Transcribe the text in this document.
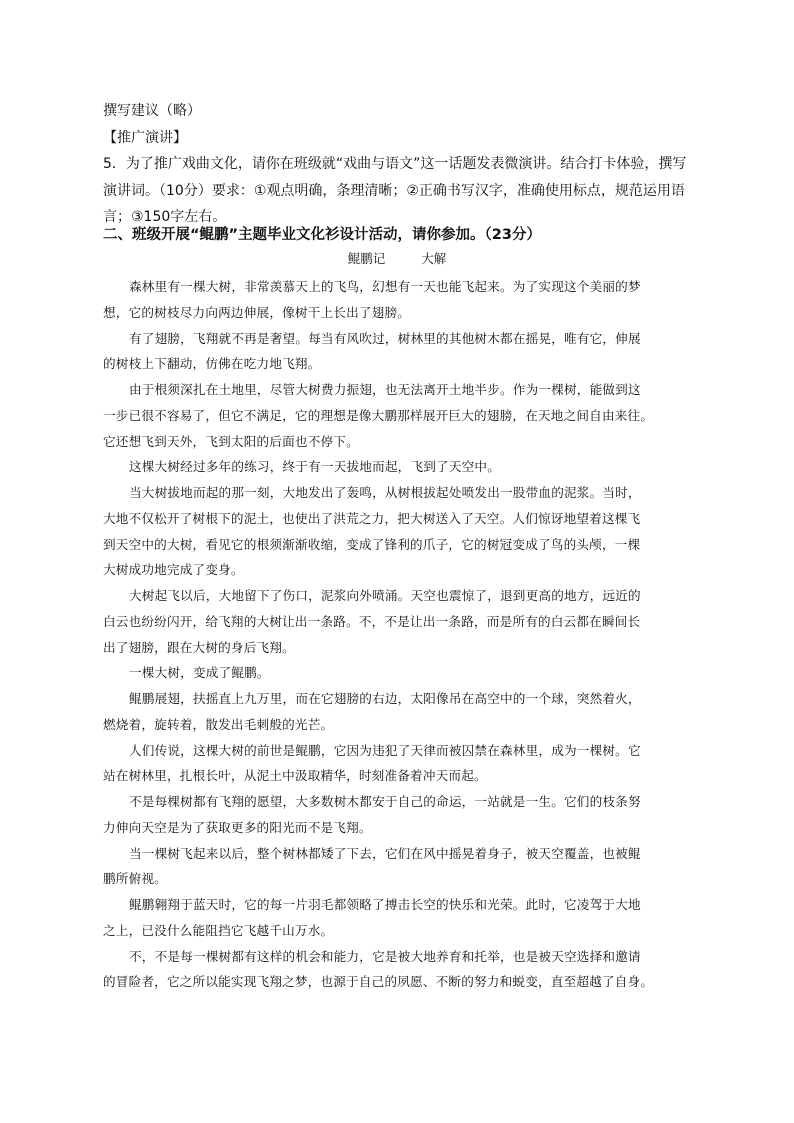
撰写建议（略）
【推广演讲】
5．为了推广戏曲文化，请你在班级就“戏曲与语文”这一话题发表微演讲。结合打卡体验，撰写
演讲词。（10分）要求：①观点明确，条理清晰；②正确书写汉字，准确使用标点，规范运用语
言；③150字左右。
二、班级开展“鲲鹏”主题毕业文化衫设计活动，请你参加。（23分）
鲲鹏记	大解
森林里有一棵大树，非常羡慕天上的飞鸟，幻想有一天也能飞起来。为了实现这个美丽的梦
想，它的树枝尽力向两边伸展，像树干上长出了翅膀。
有了翅膀，飞翔就不再是奢望。每当有风吹过，树林里的其他树木都在摇晃，唯有它，伸展
的树枝上下翻动，仿佛在吃力地飞翔。
由于根须深扎在土地里，尽管大树费力振翅，也无法离开土地半步。作为一棵树，能做到这
一步已很不容易了，但它不满足，它的理想是像大鹏那样展开巨大的翅膀，在天地之间自由来往。
它还想飞到天外，飞到太阳的后面也不停下。
这棵大树经过多年的练习，终于有一天拔地而起，飞到了天空中。
当大树拔地而起的那一刻，大地发出了轰鸣，从树根拔起处喷发出一股带血的泥浆。当时，
大地不仅松开了树根下的泥土，也使出了洪荒之力，把大树送入了天空。人们惊讶地望着这棵飞
到天空中的大树，看见它的根须渐渐收缩，变成了锋利的爪子，它的树冠变成了鸟的头颅，一棵
大树成功地完成了变身。
大树起飞以后，大地留下了伤口，泥浆向外喷涌。天空也震惊了，退到更高的地方，远近的
白云也纷纷闪开，给飞翔的大树让出一条路。不，不是让出一条路，而是所有的白云都在瞬间长
出了翅膀，跟在大树的身后飞翔。
一棵大树，变成了鲲鹏。
鲲鹏展翅，扶摇直上九万里，而在它翅膀的右边，太阳像吊在高空中的一个球，突然着火，
燃烧着，旋转着，散发出毛刺般的光芒。
人们传说，这棵大树的前世是鲲鹏，它因为违犯了天律而被囚禁在森林里，成为一棵树。它
站在树林里，扎根长叶，从泥土中汲取精华，时刻准备着冲天而起。
不是每棵树都有飞翔的愿望，大多数树木都安于自己的命运，一站就是一生。它们的枝条努
力伸向天空是为了获取更多的阳光而不是飞翔。
当一棵树飞起来以后，整个树林都矮了下去，它们在风中摇晃着身子，被天空覆盖，也被鲲
鹏所俯视。
鲲鹏翱翔于蓝天时，它的每一片羽毛都领略了搏击长空的快乐和光荣。此时，它凌驾于大地
之上，已没什么能阻挡它飞越千山万水。
不，不是每一棵树都有这样的机会和能力，它是被大地养育和托举，也是被天空选择和邀请
的冒险者，它之所以能实现飞翔之梦，也源于自己的夙愿、不断的努力和蜕变，直至超越了自身。
